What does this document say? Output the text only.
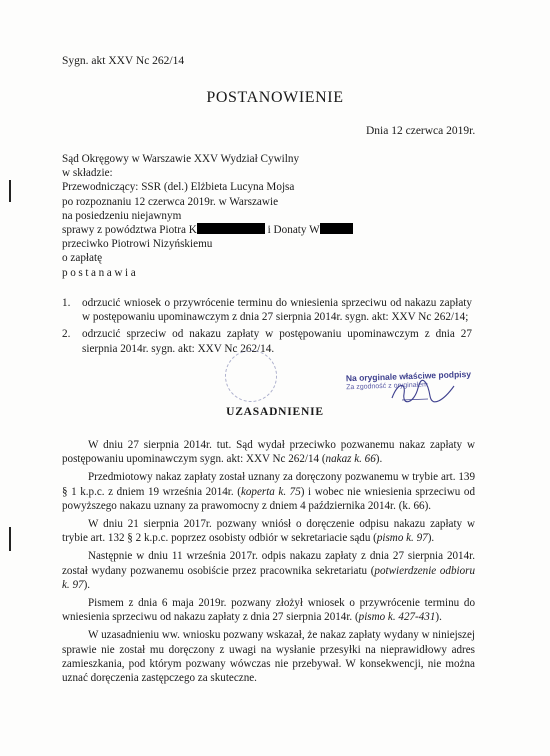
Sygn. akt XXV Nc 262/14
POSTANOWIENIE
Dnia 12 czerwca 2019r.
Sąd Okręgowy w Warszawie XXV Wydział Cywilny
w składzie:
Przewodniczący: SSR (del.) Elżbieta Lucyna Mojsa
po rozpoznaniu 12 czerwca 2019r. w Warszawie
na posiedzeniu niejawnym
sprawy z powództwa Piotra K	i Donaty W
przeciwko Piotrowi Nizyńskiemu
o zapłatę
postanawia
1. odrzucić wniosek o przywrócenie terminu do wniesienia sprzeciwu od nakazu zapłaty w postępowaniu upominawczym z dnia 27 sierpnia 2014r. sygn. akt: XXV Nc 262/14;
2. odrzucić sprzeciw od nakazu zapłaty w postępowaniu upominawczym z dnia 27 sierpnia 2014r. sygn. akt: XXV Nc 262/14.
Na oryginale właściwe podpisy
Za zgodność z oryginałem
UZASADNIENIE

W dniu 27 sierpnia 2014r. tut. Sąd wydał przeciwko pozwanemu nakaz zapłaty w postępowaniu upominawczym sygn. akt: XXV Nc 262/14 (nakaz k. 66).

Przedmiotowy nakaz zapłaty został uznany za doręczony pozwanemu w trybie art. 139 § 1 k.p.c. z dniem 19 września 2014r. (koperta k. 75) i wobec nie wniesienia sprzeciwu od powyższego nakazu uznany za prawomocny z dniem 4 października 2014r. (k. 66).

W dniu 21 sierpnia 2017r. pozwany wniósł o doręczenie odpisu nakazu zapłaty w trybie art. 132 § 2 k.p.c. poprzez osobisty odbiór w sekretariacie sądu (pismo k. 97).

Następnie w dniu 11 września 2017r. odpis nakazu zapłaty z dnia 27 sierpnia 2014r. został wydany pozwanemu osobiście przez pracownika sekretariatu (potwierdzenie odbioru k. 97).

Pismem z dnia 6 maja 2019r. pozwany złożył wniosek o przywrócenie terminu do wniesienia sprzeciwu od nakazu zapłaty z dnia 27 sierpnia 2014r. (pismo k. 427-431).

W uzasadnieniu ww. wniosku pozwany wskazał, że nakaz zapłaty wydany w niniejszej sprawie nie został mu doręczony z uwagi na wysłanie przesyłki na nieprawidłowy adres zamieszkania, pod którym pozwany wówczas nie przebywał. W konsekwencji, nie można uznać doręczenia zastępczego za skuteczne.
